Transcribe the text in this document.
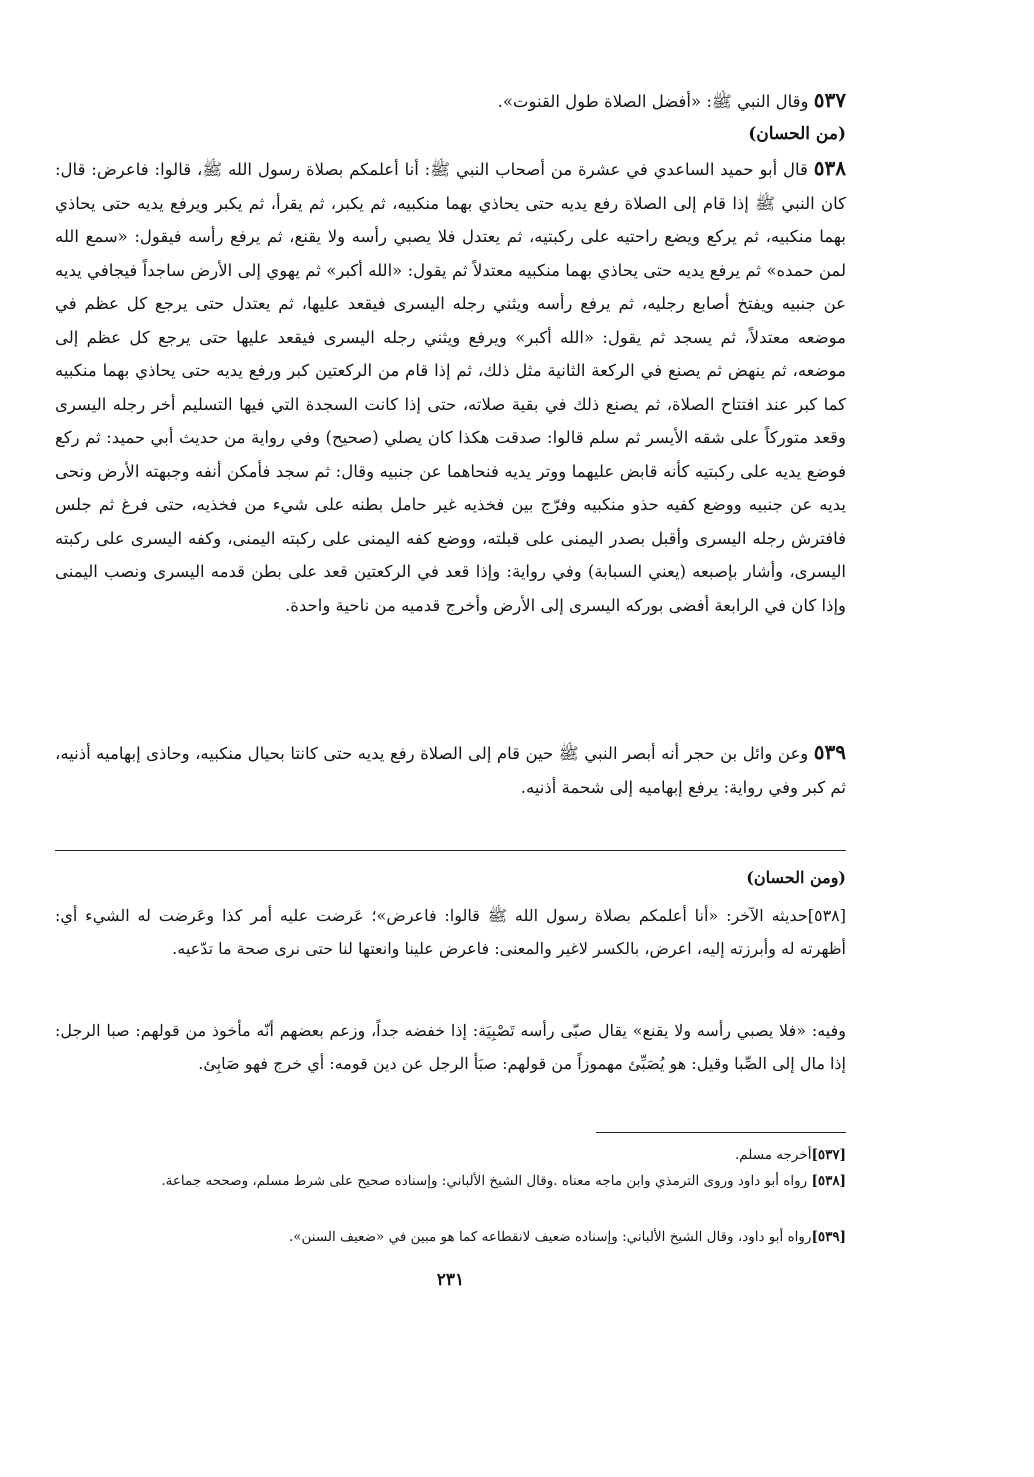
٥٣٧ وقال النبي ﷺ: «أفضل الصلاة طول القنوت».

(من الحسان)

٥٣٨ قال أبو حميد الساعدي في عشرة من أصحاب النبي ﷺ: أنا أعلمكم بصلاة رسول الله ﷺ، قالوا: فاعرض: قال: كان النبي ﷺ إذا قام إلى الصلاة رفع يديه حتى يحاذي بهما منكبيه، ثم يكبر، ثم يقرأ، ثم يكبر ويرفع يديه حتى يحاذي بهما منكبيه، ثم يركع ويضع راحتيه على ركبتيه، ثم يعتدل فلا يصبي رأسه ولا يقنع، ثم يرفع رأسه فيقول: «سمع الله لمن حمده» ثم يرفع يديه حتى يحاذي بهما منكبيه معتدلاً ثم يقول: «الله أكبر» ثم يهوي إلى الأرض ساجداً فيجافي يديه عن جنبيه ويفتخ أصابع رجليه، ثم يرفع رأسه ويثني رجله اليسرى فيقعد عليها، ثم يعتدل حتى يرجع كل عظم في موضعه معتدلاً، ثم يسجد ثم يقول: «الله أكبر» ويرفع ويثني رجله اليسرى فيقعد عليها حتى يرجع كل عظم إلى موضعه، ثم ينهض ثم يصنع في الركعة الثانية مثل ذلك، ثم إذا قام من الركعتين كبر ورفع يديه حتى يحاذي بهما منكبيه كما كبر عند افتتاح الصلاة، ثم يصنع ذلك في بقية صلاته، حتى إذا كانت السجدة التي فيها التسليم أخر رجله اليسرى وقعد متوركاً على شقه الأيسر ثم سلم قالوا: صدقت هكذا كان يصلي (صحيح) وفي رواية من حديث أبي حميد: ثم ركع فوضع يديه على ركبتيه كأنه قابض عليهما ووتر يديه فنحاهما عن جنبيه وقال: ثم سجد فأمكن أنفه وجبهته الأرض ونحى يديه عن جنبيه ووضع كفيه حذو منكبيه وفرّج بين فخذيه غير حامل بطنه على شيء من فخذيه، حتى فرغ ثم جلس فافترش رجله اليسرى وأقبل بصدر اليمنى على قبلته، ووضع كفه اليمنى على ركبته اليمنى، وكفه اليسرى على ركبته اليسرى، وأشار بإصبعه (يعني السبابة) وفي رواية: وإذا قعد في الركعتين قعد على بطن قدمه اليسرى ونصب اليمنى وإذا كان في الرابعة أفضى بوركه اليسرى إلى الأرض وأخرج قدميه من ناحية واحدة.

٥٣٩ وعن وائل بن حجر أنه أبصر النبي ﷺ حين قام إلى الصلاة رفع يديه حتى كانتا بحيال منكبيه، وحاذى إبهاميه أذنيه، ثم كبر وفي رواية: يرفع إبهاميه إلى شحمة أذنيه.

(ومن الحسان)

[٥٣٨]حديثه الآخر: «أنا أعلمكم بصلاة رسول الله ﷺ قالوا: فاعرض»؛ عَرضت عليه أمر كذا وعَرضت له الشيء أي: أظهرته له وأبرزته إليه، اعرض، بالكسر لاغير والمعنى: فاعرض علينا وانعتها لنا حتى نرى صحة ما تدّعيه.

وفيه: «فلا يصبي رأسه ولا يقنع» يقال صبّى رأسه تَصْبِيَة: إذا خفضه جداً، وزعم بعضهم أنّه مأخوذ من قولهم: صبا الرجل: إذا مال إلى الصِّبا وقيل: هو يُصَبِّئ مهموزاً من قولهم: صبَأ الرجل عن دين قومه: أي خرج فهو صَابِئ.

[٥٣٧]أخرجه مسلم.

[٥٣٨] رواه أبو داود وروى الترمذي وابن ماجه معناه .وقال الشيخ الألباني: وإسناده صحيح على شرط مسلم، وصححه جماعة.

[٥٣٩]رواه أبو داود، وقال الشيخ الألباني: وإسناده ضعيف لانقطاعه كما هو مبين في «ضعيف السنن».

٢٣١
